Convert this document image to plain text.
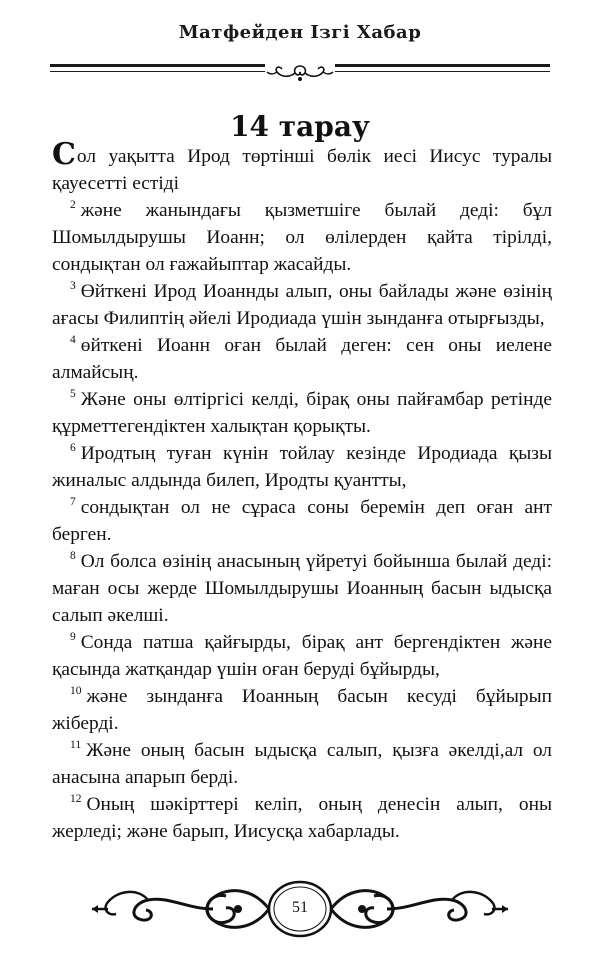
Матфейден Ізгі Хабар
14 тарау

Сол уақытта Ирод төртінші бөлік иесі Иисус туралы қауесетті естіді

$^2$ және жанындағы қызметшіге былай деді: бұл Шомылдырушы Иоанн; ол өлілерден қайта тірілді, сондықтан ол ғажайыптар жасайды.

$^3$ Өйткені Ирод Иоаннды алып, оны байлады және өзінің ағасы Филиптің әйелі Иродиада үшін зынданға отырғызды,

$^4$ өйткені Иоанн оған былай деген: сен оны иелене алмайсың.

$^5$ Және оны өлтіргісі келді, бірақ оны пайғамбар ретінде құрметтегендіктен халықтан қорықты.

$^6$ Иродтың туған күнін тойлау кезінде Иродиада қызы жиналыс алдында билеп, Иродты қуантты,

$^7$ сондықтан ол не сұраса соны беремін деп оған ант берген.

$^8$ Ол болса өзінің анасының үйретуі бойынша былай деді: маған осы жерде Шомылдырушы Иоанның басын ыдысқа салып әкелші.

$^9$ Сонда патша қайғырды, бірақ ант бергендіктен және қасында жатқандар үшін оған беруді бұйырды,

$^{10}$ және зынданға Иоанның басын кесуді бұйырып жіберді.

$^{11}$ Және оның басын ыдысқа салып, қызға әкелді,ал ол анасына апарып берді.

$^{12}$ Оның шәкірттері келіп, оның денесін алып, оны жерледі; және барып, Иисусқа хабарлады.

51
